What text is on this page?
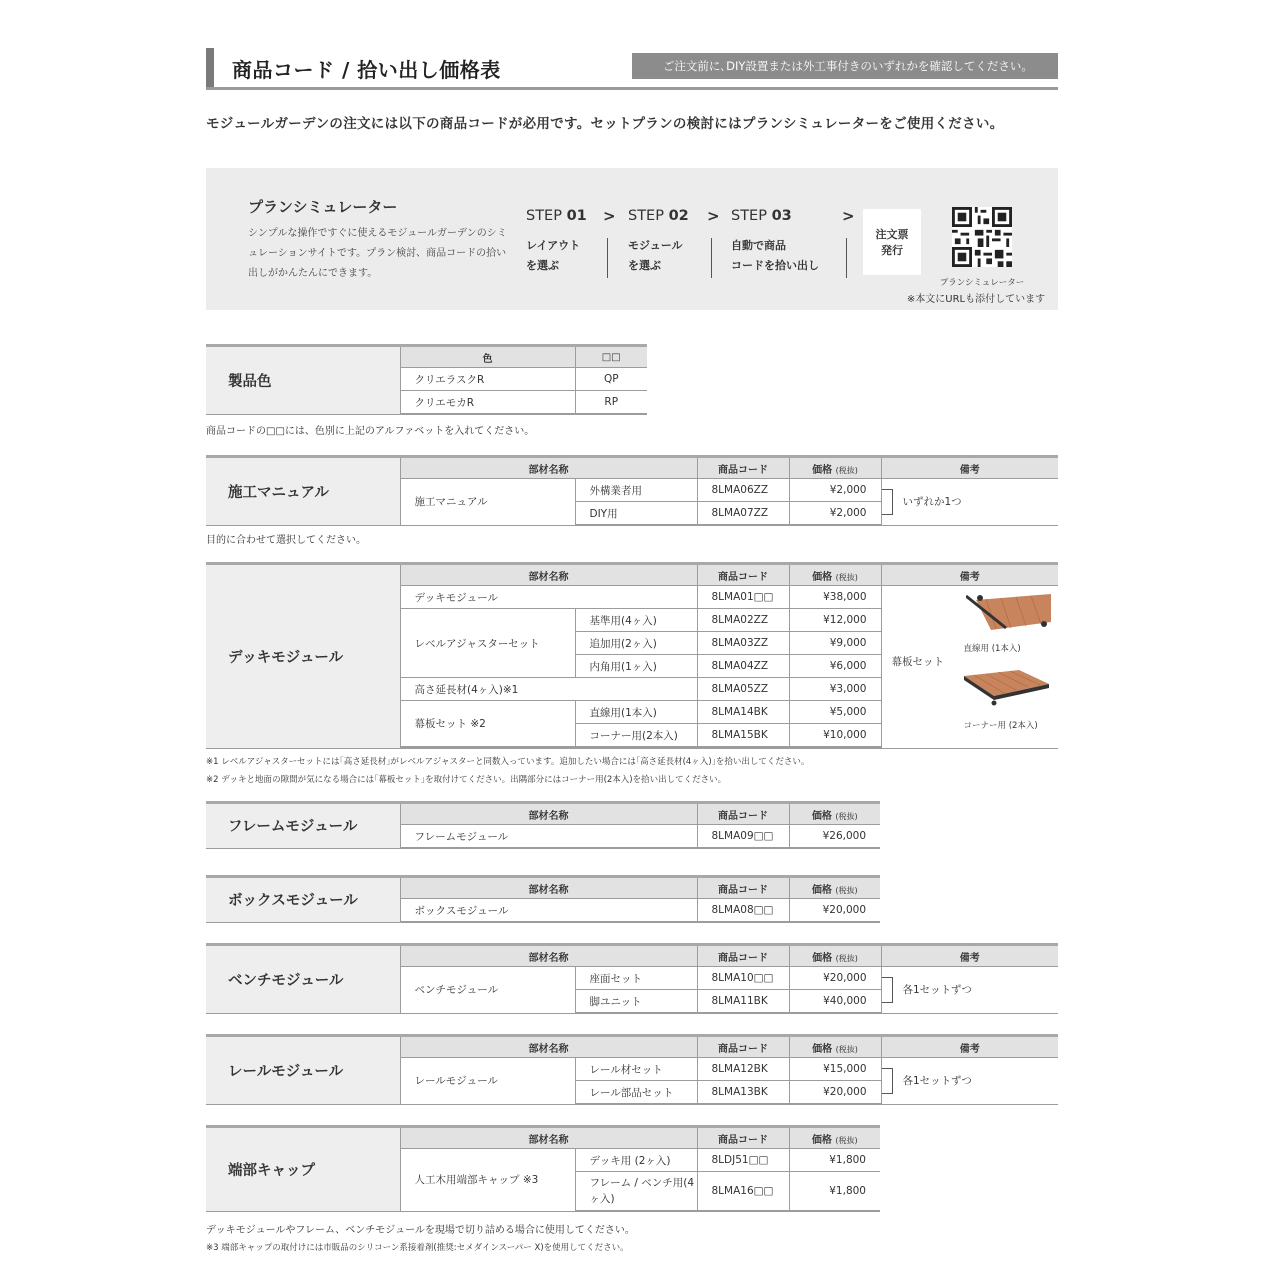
商品コード / 拾い出し価格表	ご注文前に､DIY設置または外工事付きのいずれかを確認してください｡
モジュールガーデンの注文には以下の商品コードが必用です。セットプランの検討にはプランシミュレーターをご使用ください。
プランシミュレーター
シンプルな操作ですぐに使えるモジュールガーデンのシミュレーションサイトです。プラン検討、商品コードの拾い出しがかんたんにできます。
STEP 01
レイアウト
を選ぶ
> STEP 02
モジュール
を選ぶ
> STEP 03
自動で商品
コードを拾い出し
>
注文票
発行
プランシミュレーター
※本文にURLも添付しています
製品色	色	□□
	クリエラスクR	QP
	クリエモカR	RP
商品コードの□□には、色別に上記のアルファベットを入れてください。
施工マニュアル	部材名称		商品コード	価格 (税抜)	備考
	施工マニュアル	外構業者用	8LMA06ZZ	¥2,000	いずれか1つ
		DIY用	8LMA07ZZ	¥2,000	
目的に合わせて選択してください。
デッキモジュール	部材名称		商品コード	価格 (税抜)	備考
	デッキモジュール		8LMA01□□	¥38,000	幕板セット
直線用 (1本入)
コーナー用 (2本入)

	レベルアジャスターセット	基準用(4ヶ入)	8LMA02ZZ	¥12,000	
		追加用(2ヶ入)	8LMA03ZZ	¥9,000	
		内角用(1ヶ入)	8LMA04ZZ	¥6,000	
	高さ延長材(4ヶ入)※1		8LMA05ZZ	¥3,000	
	幕板セット ※2	直線用(1本入)	8LMA14BK	¥5,000	
		コーナー用(2本入)	8LMA15BK	¥10,000	

※1 レベルアジャスターセットには｢高さ延長材｣がレベルアジャスターと同数入っています。追加したい場合には｢高さ延長材(4ヶ入)｣を拾い出してください。
※2 デッキと地面の隙間が気になる場合には｢幕板セット｣を取付けてください。出隅部分にはコーナー用(2本入)を拾い出してください。
フレームモジュール	部材名称	商品コード	価格 (税抜)
	フレームモジュール	8LMA09□□	¥26,000
ボックスモジュール	部材名称	商品コード	価格 (税抜)
	ボックスモジュール	8LMA08□□	¥20,000
ベンチモジュール	部材名称		商品コード	価格 (税抜)	備考
	ベンチモジュール	座面セット	8LMA10□□	¥20,000	各1セットずつ
		脚ユニット	8LMA11BK	¥40,000	
レールモジュール	部材名称		商品コード	価格 (税抜)	備考
	レールモジュール	レール材セット	8LMA12BK	¥15,000	各1セットずつ
		レール部品セット	8LMA13BK	¥20,000	
端部キャップ	部材名称		商品コード	価格 (税抜)
	人工木用端部キャップ ※3	デッキ用 (2ヶ入)	8LDJ51□□	¥1,800
		フレーム / ベンチ用(4ヶ入)	8LMA16□□	¥1,800
デッキモジュールやフレーム、ベンチモジュールを現場で切り詰める場合に使用してください。
※3 端部キャップの取付けには市販品のシリコーン系接着剤(推奨:セメダインスーパー X)を使用してください。
